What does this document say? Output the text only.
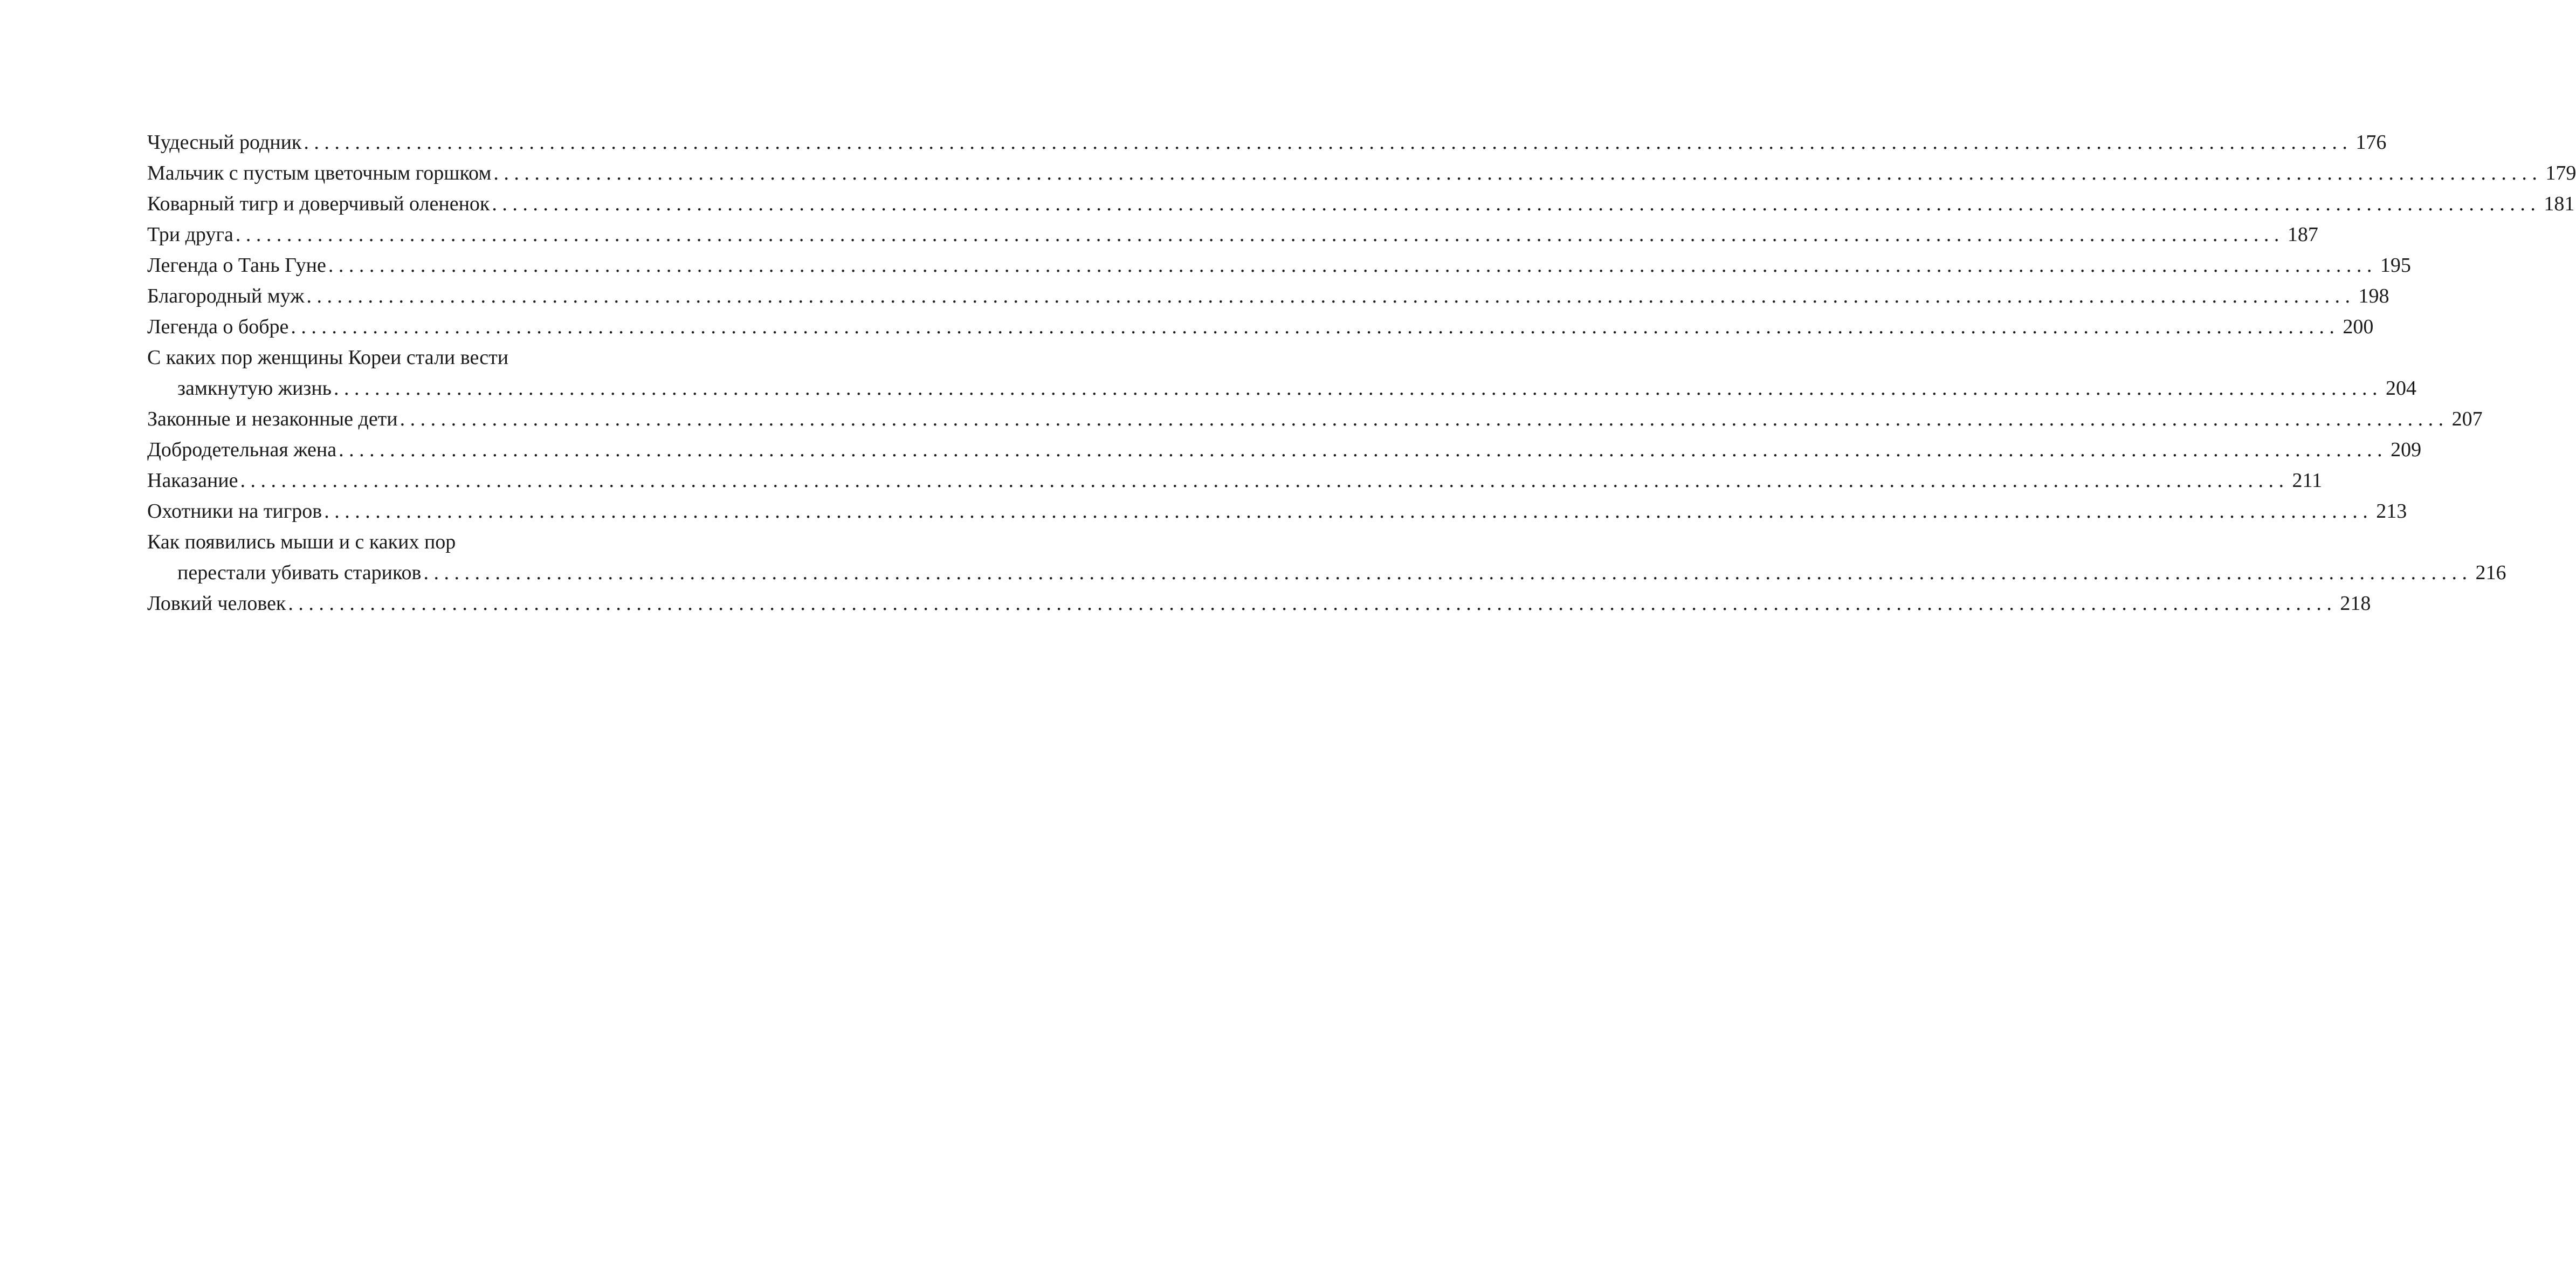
Чудесный родник ........................................................................................................................................................................................................ 176
Мальчик с пустым цветочным горшком ........................................................................................................................................................................................................ 179
Коварный тигр и доверчивый олененок ........................................................................................................................................................................................................ 181
Три друга ........................................................................................................................................................................................................ 187
Легенда о Тань Гуне ........................................................................................................................................................................................................ 195
Благородный муж ........................................................................................................................................................................................................ 198
Легенда о бобре ........................................................................................................................................................................................................ 200
С каких пор женщины Кореи стали вести
замкнутую жизнь ........................................................................................................................................................................................................ 204
Законные и незаконные дети ........................................................................................................................................................................................................ 207
Добродетельная жена ........................................................................................................................................................................................................ 209
Наказание ........................................................................................................................................................................................................ 211
Охотники на тигров ........................................................................................................................................................................................................ 213
Как появились мыши и с каких пор
перестали убивать стариков ........................................................................................................................................................................................................ 216
Ловкий человек ........................................................................................................................................................................................................ 218
